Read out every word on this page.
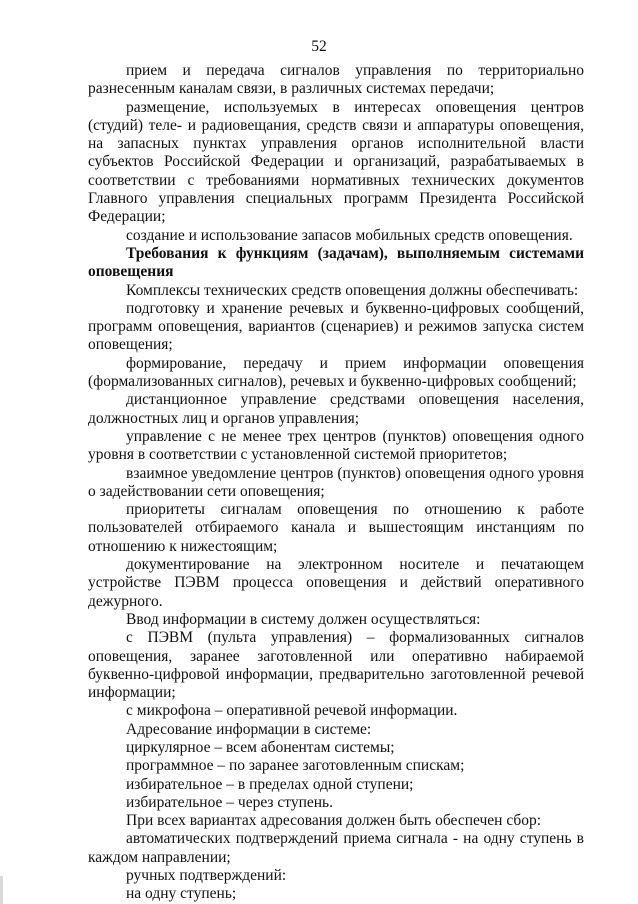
52

прием и передача сигналов управления по территориально разнесенным каналам связи, в различных системах передачи;

размещение, используемых в интересах оповещения центров (студий) теле- и радиовещания, средств связи и аппаратуры оповещения, на запасных пунктах управления органов исполнительной власти субъектов Российской Федерации и организаций, разрабатываемых в соответствии с требованиями нормативных технических документов Главного управления специальных программ Президента Российской Федерации;

создание и использование запасов мобильных средств оповещения.

Требования к функциям (задачам), выполняемым системами оповещения

Комплексы технических средств оповещения должны обеспечивать:

подготовку и хранение речевых и буквенно-цифровых сообщений, программ оповещения, вариантов (сценариев) и режимов запуска систем оповещения;

формирование, передачу и прием информации оповещения (формализованных сигналов), речевых и буквенно-цифровых сообщений;

дистанционное управление средствами оповещения населения, должностных лиц и органов управления;

управление с не менее трех центров (пунктов) оповещения одного уровня в соответствии с установленной системой приоритетов;

взаимное уведомление центров (пунктов) оповещения одного уровня о задействовании сети оповещения;

приоритеты сигналам оповещения по отношению к работе пользователей отбираемого канала и вышестоящим инстанциям по отношению к нижестоящим;

документирование на электронном носителе и печатающем устройстве ПЭВМ процесса оповещения и действий оперативного дежурного.

Ввод информации в систему должен осуществляться:

с ПЭВМ (пульта управления) – формализованных сигналов оповещения, заранее заготовленной или оперативно набираемой буквенно-цифровой информации, предварительно заготовленной речевой информации;

с микрофона – оперативной речевой информации.

Адресование информации в системе:

циркулярное – всем абонентам системы;

программное – по заранее заготовленным спискам;

избирательное – в пределах одной ступени;

избирательное – через ступень.

При всех вариантах адресования должен быть обеспечен сбор:

автоматических подтверждений приема сигнала - на одну ступень в каждом направлении;

ручных подтверждений:

на одну ступень;
